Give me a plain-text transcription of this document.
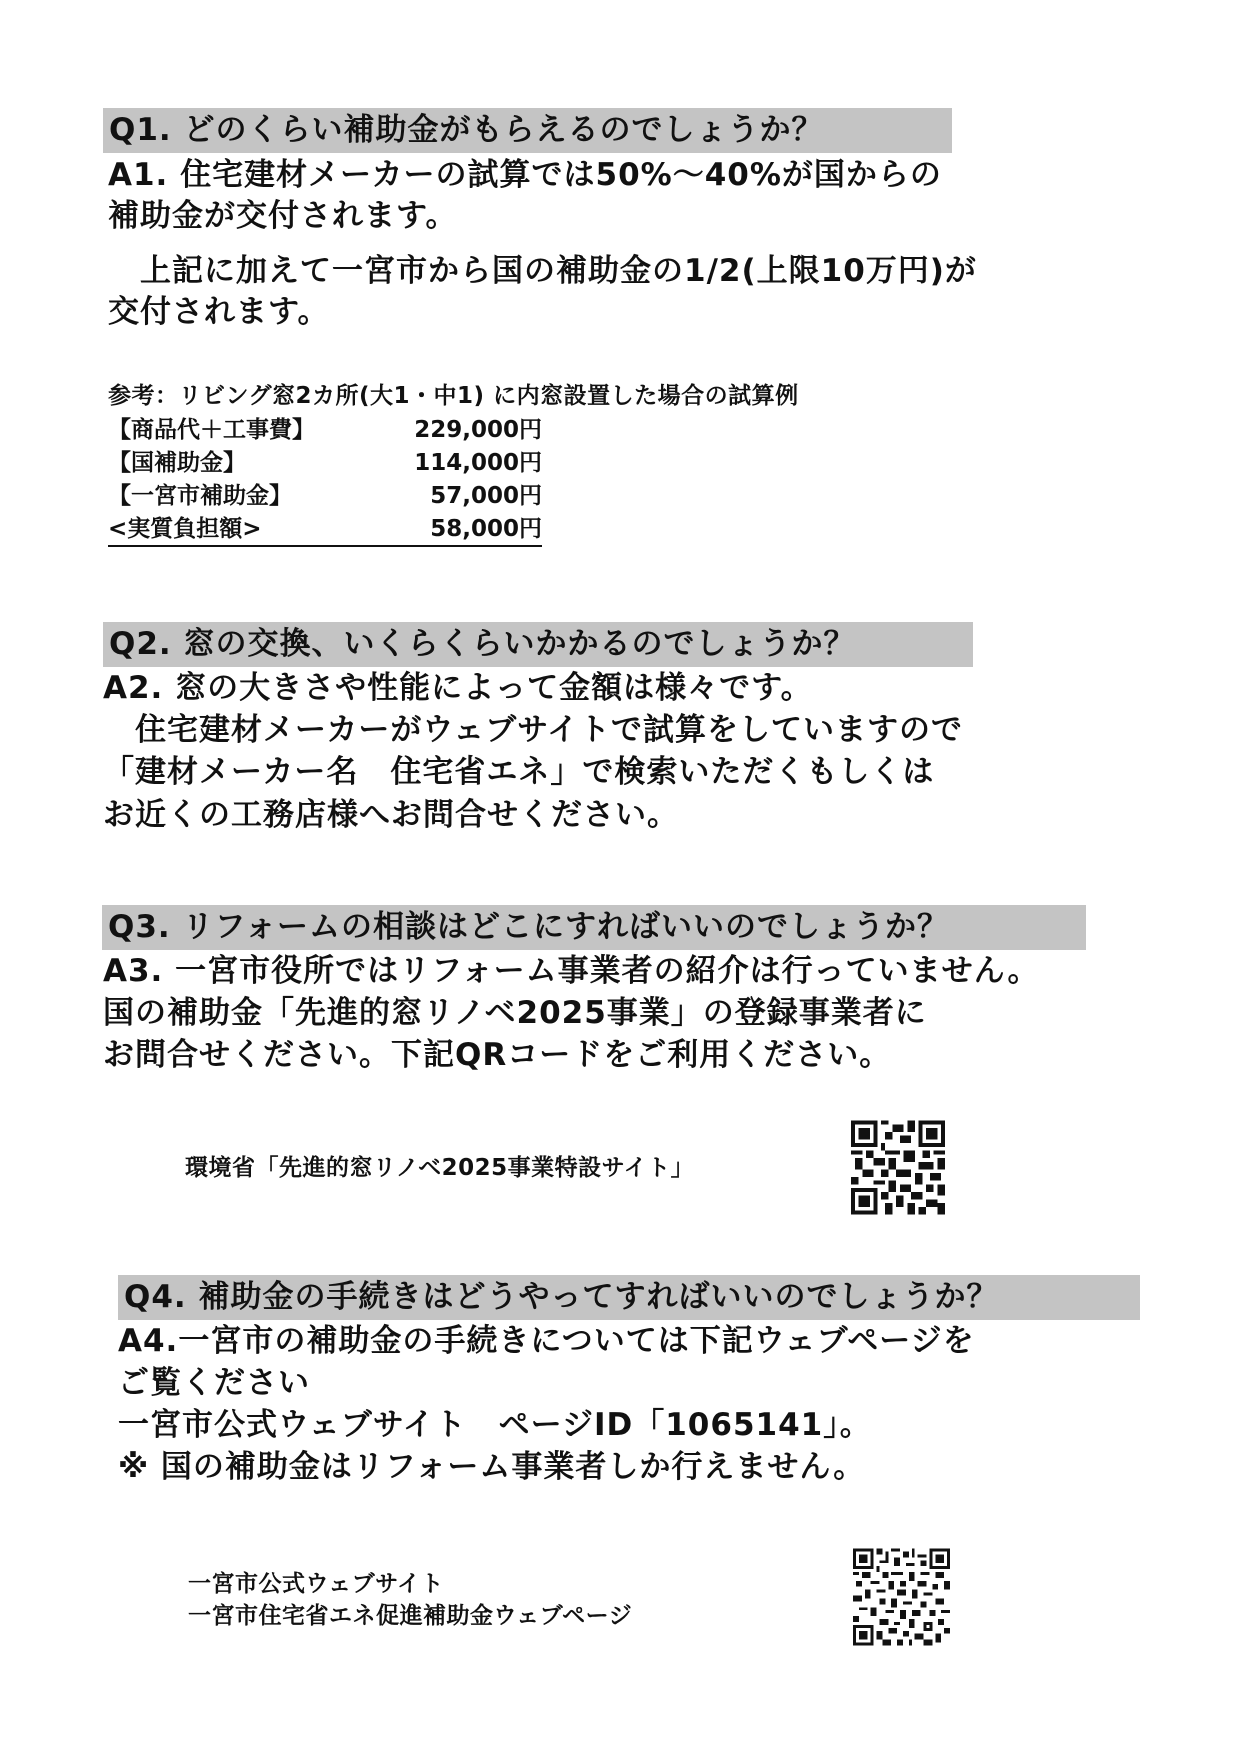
Q1. どのくらい補助金がもらえるのでしょうか？
A1. 住宅建材メーカーの試算では50%～40%が国からの
補助金が交付されます。
　上記に加えて一宮市から国の補助金の1/2(上限10万円)が
交付されます。
参考：リビング窓2カ所(大1・中1) に内窓設置した場合の試算例
【商品代＋工事費】	229,000円
【国補助金】	114,000円
【一宮市補助金】	57,000円
<実質負担額>	58,000円
Q2. 窓の交換、いくらくらいかかるのでしょうか？
A2. 窓の大きさや性能によって金額は様々です。
　住宅建材メーカーがウェブサイトで試算をしていますので
「建材メーカー名　住宅省エネ」で検索いただくもしくは
お近くの工務店様へお問合せください。
Q3. リフォームの相談はどこにすればいいのでしょうか？
A3. 一宮市役所ではリフォーム事業者の紹介は行っていません。
国の補助金「先進的窓リノベ2025事業」の登録事業者に
お問合せください。下記QRコードをご利用ください。
環境省「先進的窓リノベ2025事業特設サイト」
Q4. 補助金の手続きはどうやってすればいいのでしょうか？
A4.一宮市の補助金の手続きについては下記ウェブページを
ご覧ください
一宮市公式ウェブサイト　ページID「1065141」。
※ 国の補助金はリフォーム事業者しか行えません。
一宮市公式ウェブサイト
一宮市住宅省エネ促進補助金ウェブページ
